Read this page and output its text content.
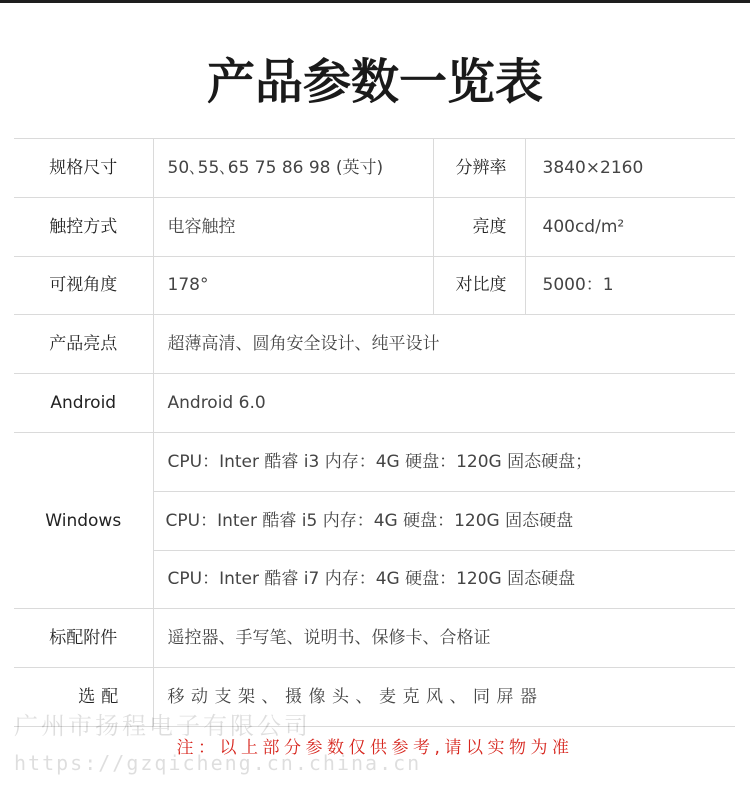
产品参数一览表
规格尺寸	50､55､65 75 86 98 (英寸)	分辨率	3840×2160
触控方式	电容触控	亮度	400cd/m²
可视角度	178°	对比度	5000：1
产品亮点	超薄高清、圆角安全设计、纯平设计		
Android	Android 6.0		
Windows	CPU：Inter 酷睿 i3 内存：4G 硬盘：120G 固态硬盘；		
	CPU：Inter 酷睿 i5 内存：4G 硬盘：120G 固态硬盘		
	CPU：Inter 酷睿 i7 内存：4G 硬盘：120G 固态硬盘		
标配附件	遥控器、手写笔、说明书、保修卡、合格证		
选配	移动支架、摄像头、麦克风、同屏器		
注：以上部分参数仅供参考,请以实物为准
广州市扬程电子有限公司
https://gzqicheng.cn.china.cn
